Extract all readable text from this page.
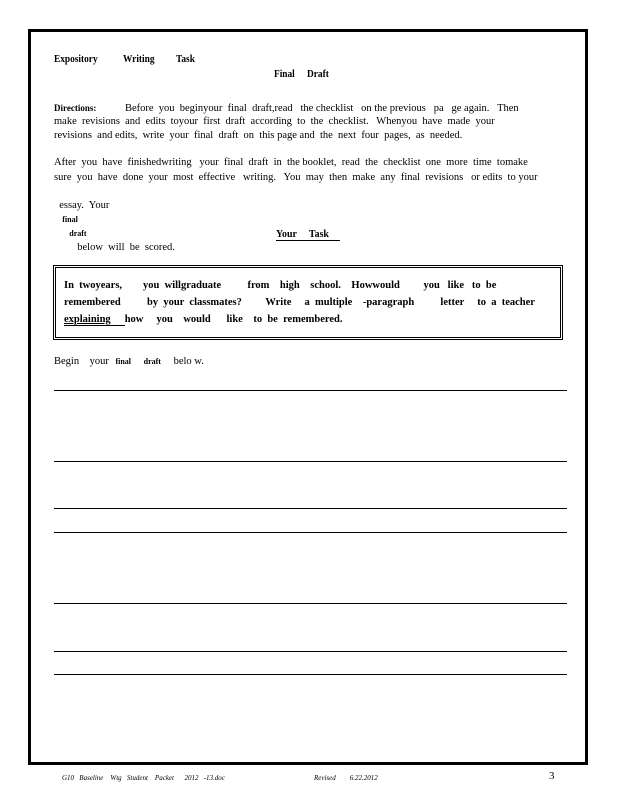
Expository Writing Task
Final Draft
Directions:	Before  you  beginyour  final  draft,read   the checklist   on the previous   pa   ge again.   Then
make  revisions  and  edits  toyour  first  draft  according  to  the  checklist.   Whenyou  have  made  your
revisions  and edits,  write  your  final  draft  on  this page and  the  next  four  pages,  as  needed.
After  you  have  finishedwriting   your  final  draft  in  the booklet,  read  the  checklist  one  more  time  tomake
sure  you  have  done  your  most  effective   writing.   You  may  then  make  any  final  revisions   or edits  to your

essay.  Your
final
draft
below  will  be  scored.

Your     Task
In  twoyears,        you  willgraduate          from    high    school.    Howwould         you   like   to  be
remembered          by  your  classmates?         Write     a  multiple    -paragraph          letter     to  a  teacher
explaining how     you    would      like    to  be  remembered.
Begin    your final draft belo w.
G10   Baseline    Wtg   Student    Packet      2012   -13.doc	Revised        6.22.2012	3
